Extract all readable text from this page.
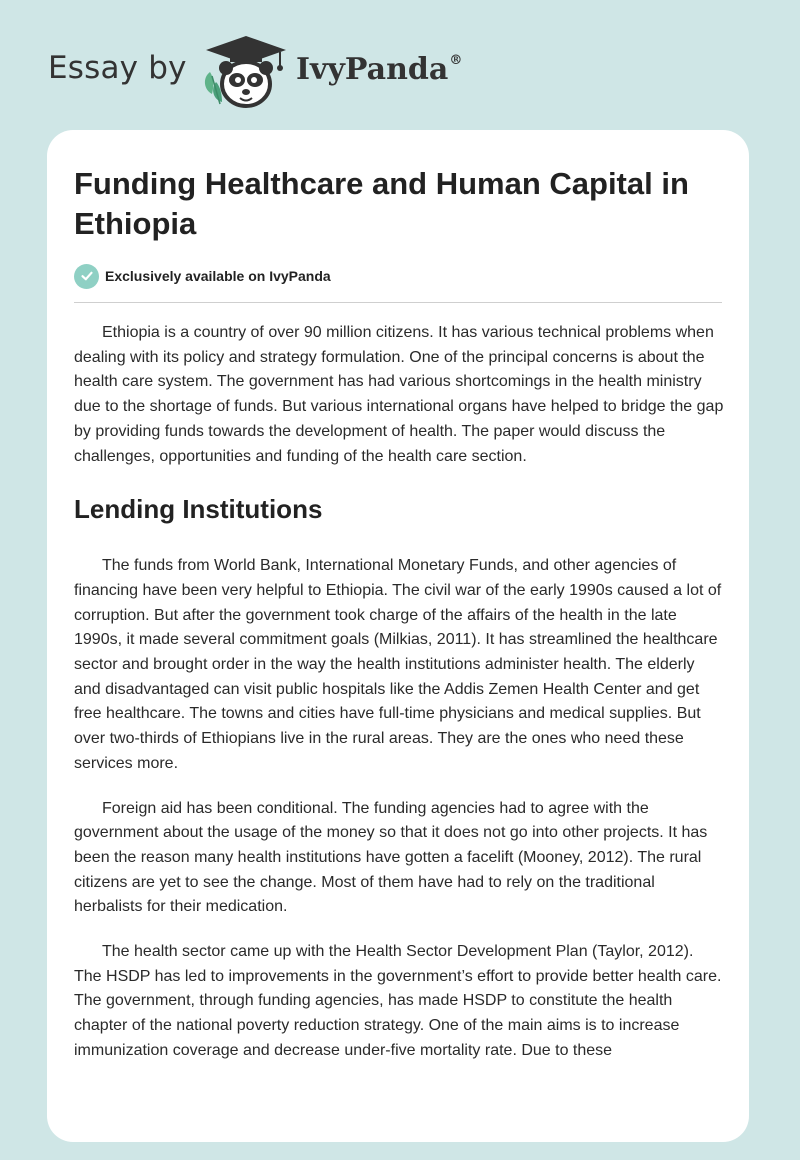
Essay by	IvyPanda®
Funding Healthcare and Human Capital in Ethiopia
Exclusively available on IvyPanda

Ethiopia is a country of over 90 million citizens. It has various technical problems when dealing with its policy and strategy formulation. One of the principal concerns is about the health care system. The government has had various shortcomings in the health ministry due to the shortage of funds. But various international organs have helped to bridge the gap by providing funds towards the development of health. The paper would discuss the challenges, opportunities and funding of the health care section.

Lending Institutions

The funds from World Bank, International Monetary Funds, and other agencies of financing have been very helpful to Ethiopia. The civil war of the early 1990s caused a lot of corruption. But after the government took charge of the affairs of the health in the late 1990s, it made several commitment goals (Milkias, 2011). It has streamlined the healthcare sector and brought order in the way the health institutions administer health. The elderly and disadvantaged can visit public hospitals like the Addis Zemen Health Center and get free healthcare. The towns and cities have full-time physicians and medical supplies. But over two-thirds of Ethiopians live in the rural areas. They are the ones who need these services more.

Foreign aid has been conditional. The funding agencies had to agree with the government about the usage of the money so that it does not go into other projects. It has been the reason many health institutions have gotten a facelift (Mooney, 2012). The rural citizens are yet to see the change. Most of them have had to rely on the traditional herbalists for their medication.

The health sector came up with the Health Sector Development Plan (Taylor, 2012). The HSDP has led to improvements in the government’s effort to provide better health care. The government, through funding agencies, has made HSDP to constitute the health chapter of the national poverty reduction strategy. One of the main aims is to increase immunization coverage and decrease under-five mortality rate. Due to these
